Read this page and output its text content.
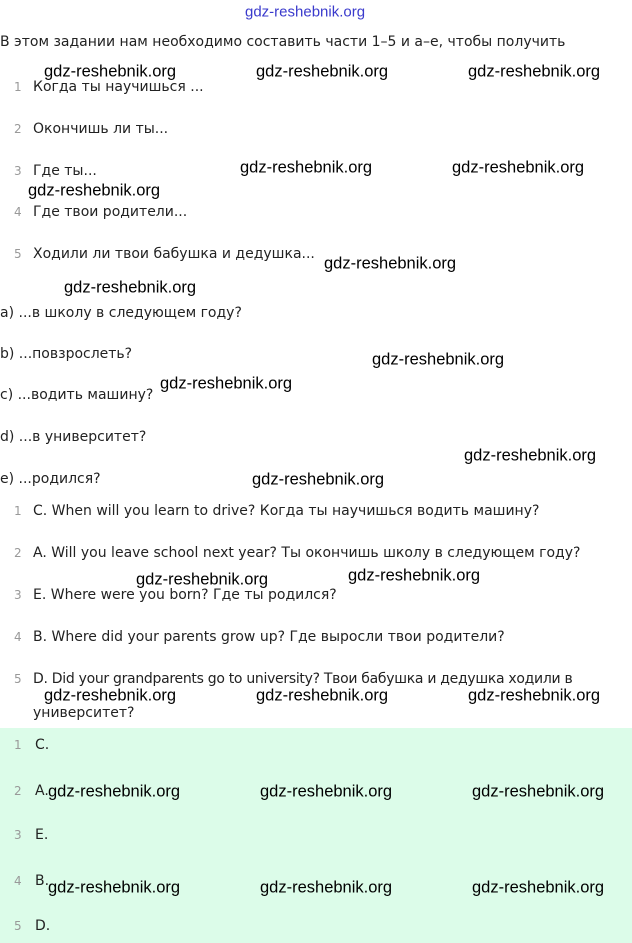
В этом задании нам необходимо составить части 1–5 и a–e, чтобы получить
1 Когда ты научишься ...
2 Окончишь ли ты...
3 Где ты...
4 Где твои родители...
5 Ходили ли твои бабушка и дедушка...
a) ...в школу в следующем году?
b) ...повзрослеть?
c) ...водить машину?
d) ...в университет?
e) ...родился?
1 C. When will you learn to drive? Когда ты научишься водить машину?
2 A. Will you leave school next year? Ты окончишь школу в следующем году?
3 E. Where were you born? Где ты родился?
4 B. Where did your parents grow up? Где выросли твои родители?
5 D. Did your grandparents go to university? Твои бабушка и дедушка ходили в
университет?
1 C.
2 A.
3 E.
4 B.
5 D.
gdz-reshebnik.org
gdz-reshebnik.org	gdz-reshebnik.org	gdz-reshebnik.org
gdz-reshebnik.org	gdz-reshebnik.org
gdz-reshebnik.org
gdz-reshebnik.org
gdz-reshebnik.org
gdz-reshebnik.org
gdz-reshebnik.org
gdz-reshebnik.org
gdz-reshebnik.org
gdz-reshebnik.org	gdz-reshebnik.org
gdz-reshebnik.org	gdz-reshebnik.org	gdz-reshebnik.org
gdz-reshebnik.org	gdz-reshebnik.org	gdz-reshebnik.org
gdz-reshebnik.org	gdz-reshebnik.org	gdz-reshebnik.org
